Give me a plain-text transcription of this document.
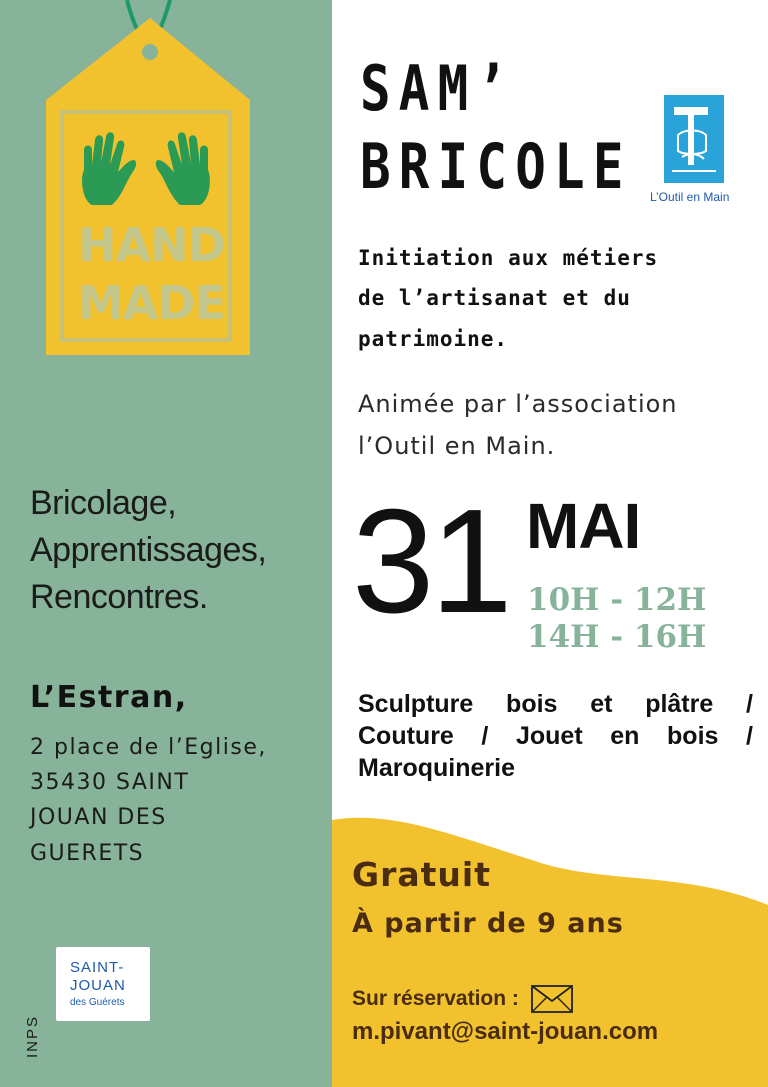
HAND
MADE
Bricolage,
Apprentissages,
Rencontres.
L’Estran,
2 place de l’Eglise,
35430 SAINT
JOUAN DES
GUERETS
INPS
SAINT-
JOUAN
des Guérets
SAM’
BRICOLE L’Outil en Main
Initiation aux métiers
de l’artisanat et du
patrimoine.
Animée par l’association
l’Outil en Main.
31 MAI
10H - 12H
14H - 16H
Sculpture bois et plâtre /
Couture / Jouet en bois /
Maroquinerie
Gratuit
À partir de 9 ans
Sur réservation :
m.pivant@saint-jouan.com
